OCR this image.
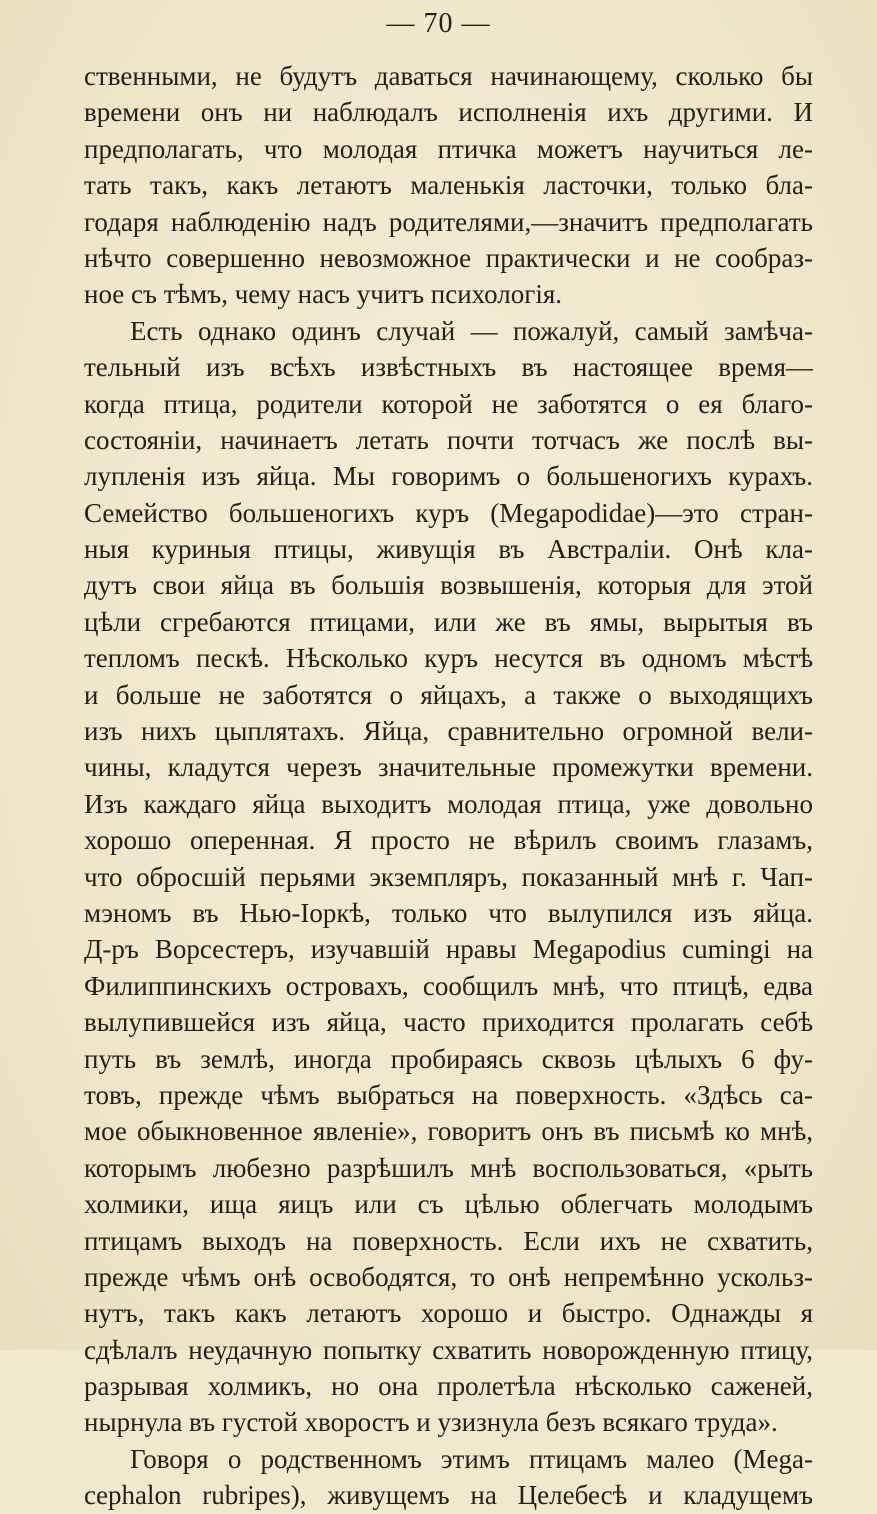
— 70 —
ственными, не будутъ даваться начинающему, сколько бы
времени онъ ни наблюдалъ исполненія ихъ другими. И
предполагать, что молодая птичка можетъ научиться ле-
тать такъ, какъ летаютъ маленькія ласточки, только бла-
годаря наблюденію надъ родителями,—значитъ предполагать
нѣчто совершенно невозможное практически и не сообраз-
ное съ тѣмъ, чему насъ учитъ психологія.
Есть однако одинъ случай — пожалуй, самый замѣча-
тельный изъ всѣхъ извѣстныхъ въ настоящее время—
когда птица, родители которой не заботятся о ея благо-
состояніи, начинаетъ летать почти тотчасъ же послѣ вы-
лупленія изъ яйца. Мы говоримъ о большеногихъ курахъ.
Семейство большеногихъ куръ (Megapodidae)—это стран-
ныя куриныя птицы, живущія въ Австраліи. Онѣ кла-
дутъ свои яйца въ большія возвышенія, которыя для этой
цѣли сгребаются птицами, или же въ ямы, вырытыя въ
тепломъ пескѣ. Нѣсколько куръ несутся въ одномъ мѣстѣ
и больше не заботятся о яйцахъ, а также о выходящихъ
изъ нихъ цыплятахъ. Яйца, сравнительно огромной вели-
чины, кладутся черезъ значительные промежутки времени.
Изъ каждаго яйца выходитъ молодая птица, уже довольно
хорошо оперенная. Я просто не вѣрилъ своимъ глазамъ,
что обросшій перьями экземпляръ, показанный мнѣ г. Чап-
мэномъ въ Нью-Іоркѣ, только что вылупился изъ яйца.
Д-ръ Ворсестеръ, изучавшій нравы Megapodius cumingi на
Филиппинскихъ островахъ, сообщилъ мнѣ, что птицѣ, едва
вылупившейся изъ яйца, часто приходится пролагать себѣ
путь въ землѣ, иногда пробираясь сквозь цѣлыхъ 6 фу-
товъ, прежде чѣмъ выбраться на поверхность. «Здѣсь са-
мое обыкновенное явленіе», говоритъ онъ въ письмѣ ко мнѣ,
которымъ любезно разрѣшилъ мнѣ воспользоваться, «рыть
холмики, ища яицъ или съ цѣлью облегчать молодымъ
птицамъ выходъ на поверхность. Если ихъ не схватить,
прежде чѣмъ онѣ освободятся, то онѣ непремѣнно ускольз-
нутъ, такъ какъ летаютъ хорошо и быстро. Однажды я
сдѣлалъ неудачную попытку схватить новорожденную птицу,
разрывая холмикъ, но она пролетѣла нѣсколько саженей,
нырнула въ густой хворостъ и узизнула безъ всякаго труда».
Говоря о родственномъ этимъ птицамъ малео (Mega-
cephalon rubripes), живущемъ на Целебесѣ и кладущемъ
